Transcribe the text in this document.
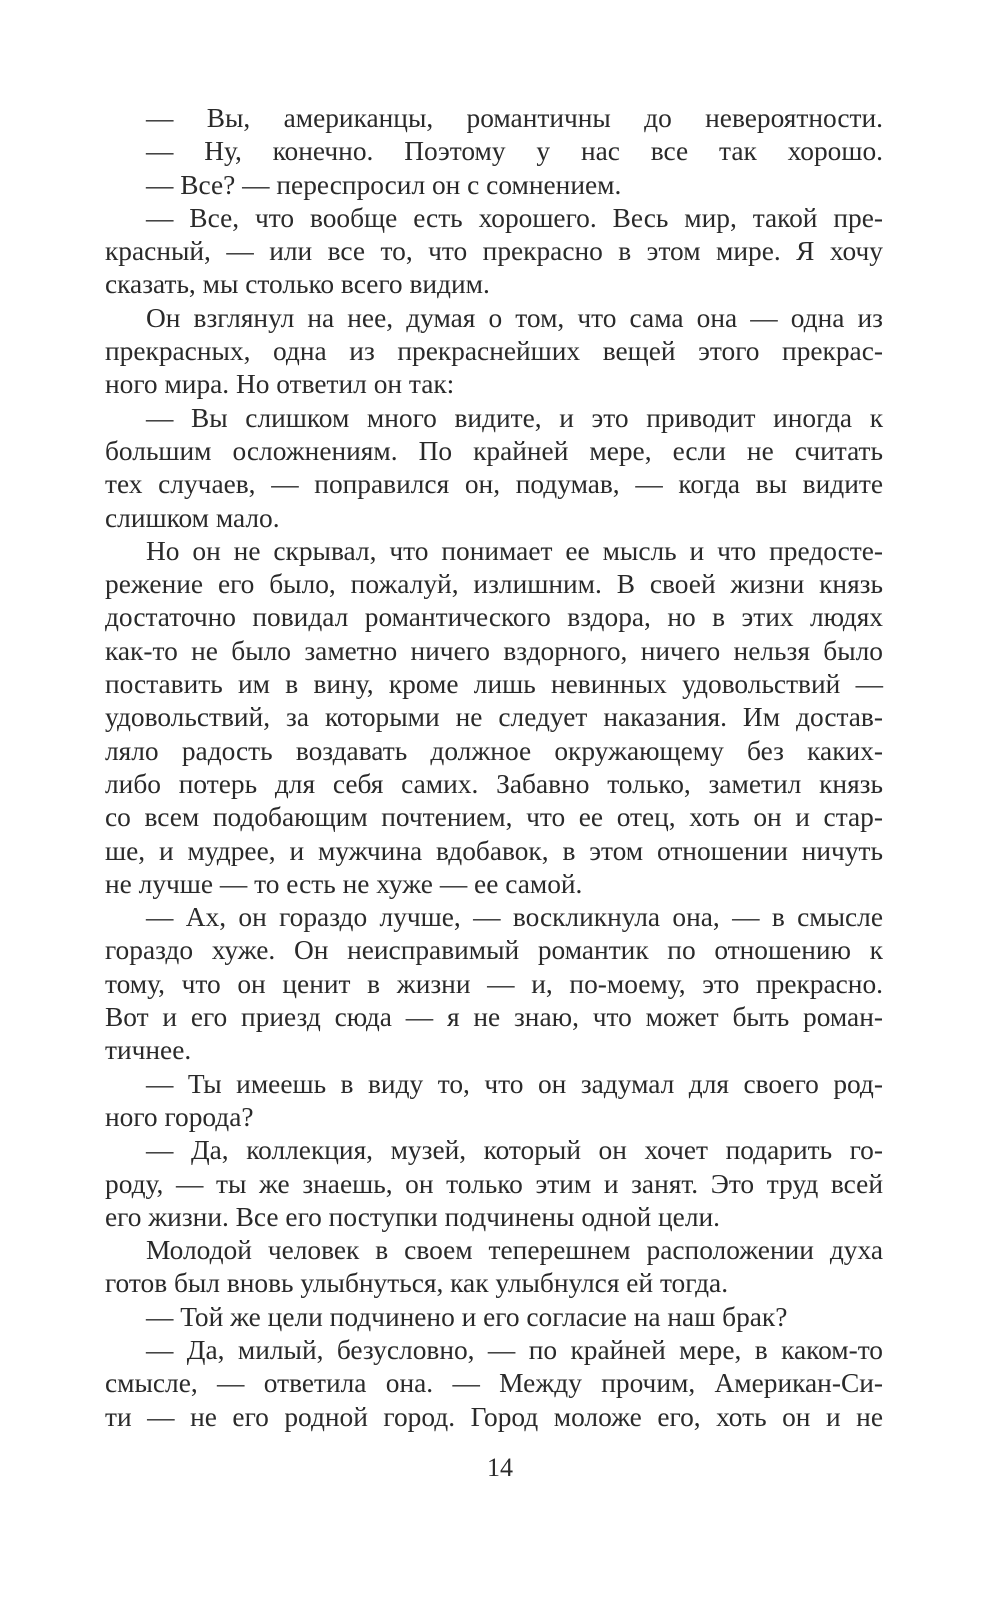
— Вы, американцы, романтичны до невероятности.
— Ну, конечно. Поэтому у нас все так хорошо.
— Все? — переспросил он с сомнением.
— Все, что вообще есть хорошего. Весь мир, такой пре-
красный, — или все то, что прекрасно в этом мире. Я хочу
сказать, мы столько всего видим.
Он взглянул на нее, думая о том, что сама она — одна из
прекрасных, одна из прекраснейших вещей этого прекрас-
ного мира. Но ответил он так:
— Вы слишком много видите, и это приводит иногда к
большим осложнениям. По крайней мере, если не считать
тех случаев, — поправился он, подумав, — когда вы видите
слишком мало.
Но он не скрывал, что понимает ее мысль и что предосте-
режение его было, пожалуй, излишним. В своей жизни князь
достаточно повидал романтического вздора, но в этих людях
как-то не было заметно ничего вздорного, ничего нельзя было
поставить им в вину, кроме лишь невинных удовольствий —
удовольствий, за которыми не следует наказания. Им достав-
ляло радость воздавать должное окружающему без каких-
либо потерь для себя самих. Забавно только, заметил князь
со всем подобающим почтением, что ее отец, хоть он и стар-
ше, и мудрее, и мужчина вдобавок, в этом отношении ничуть
не лучше — то есть не хуже — ее самой.
— Ах, он гораздо лучше, — воскликнула она, — в смысле
гораздо хуже. Он неисправимый романтик по отношению к
тому, что он ценит в жизни — и, по-моему, это прекрасно.
Вот и его приезд сюда — я не знаю, что может быть роман-
тичнее.
— Ты имеешь в виду то, что он задумал для своего род-
ного города?
— Да, коллекция, музей, который он хочет подарить го-
роду, — ты же знаешь, он только этим и занят. Это труд всей
его жизни. Все его поступки подчинены одной цели.
Молодой человек в своем теперешнем расположении духа
готов был вновь улыбнуться, как улыбнулся ей тогда.
— Той же цели подчинено и его согласие на наш брак?
— Да, милый, безусловно, — по крайней мере, в каком-то
смысле, — ответила она. — Между прочим, Американ-Си-
ти — не его родной город. Город моложе его, хоть он и не
14
